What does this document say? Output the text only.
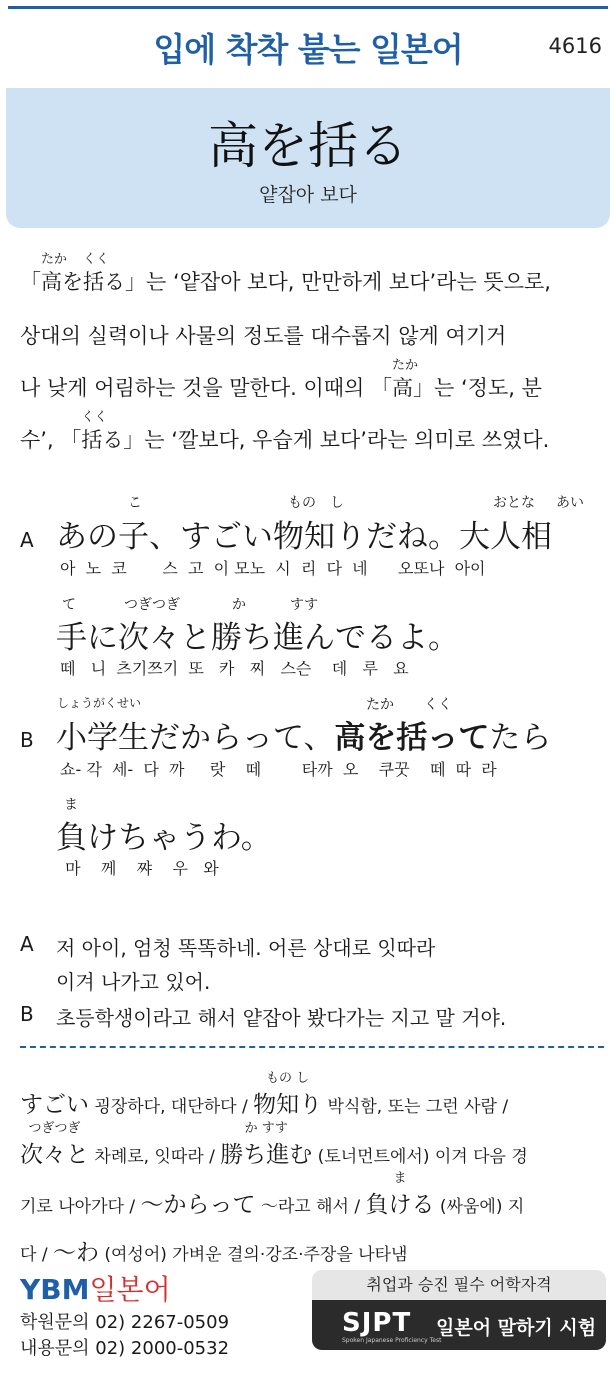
입에 착착 붙는 일본어	4616
高を括る
얕잡아 보다
「
たか
高を
くく
括る」는 ‘얕잡아 보다, 만만하게 보다’라는 뜻으로,
상대의 실력이나 사물의 정도를 대수롭지 않게 여기거
나 낮게 어림하는 것을 말한다. 이때의 「
たか
高」는 ‘정도, 분
수’, 「
くく
括る」는 ‘깔보다, 우습게 보다’라는 의미로 쓰였다.
A
こ	もの し	おとな あい
あの子、すごい物知りだね。大人相
아  노  코       스  고  이 모노  시  리  다  네      오또나  아이
て	つぎつぎ	か	すす
手に次々と勝ち進んでるよ。
떼   니  츠기쯔기  또   카   찌   스슨    데   루   요
B
しょうがくせい	たか くく
小学生だからって、高を括ってたら
쇼- 각  세-  다  까     랏    떼        타까  오    쿠꿋    떼  따  라
ま
負けちゃうわ。
마    께    쨔    우   와
A 저 아이, 엄청 똑똑하네. 어른 상대로 잇따라
이겨 나가고 있어.
B 초등학생이라고 해서 얕잡아 봤다가는 지고 말 거야.
すごい 굉장하다, 대단하다 /
もの し
物知り 박식함, 또는 그런 사람 /
つぎつぎ
次々と 차례로, 잇따라 /
か すす
勝ち進む (토너먼트에서) 이겨 다음 경
기로 나아가다 / 〜からって 〜라고 해서 /
ま
負ける (싸움에) 지
다 / 〜わ (여성어) 가벼운 결의·강조·주장을 나타냄
YBM일본어
학원문의 02) 2267-0509
내용문의 02) 2000-0532
취업과 승진 필수 어학자격
SJPT
Spoken Japanese Proficiency Test
일본어 말하기 시험
